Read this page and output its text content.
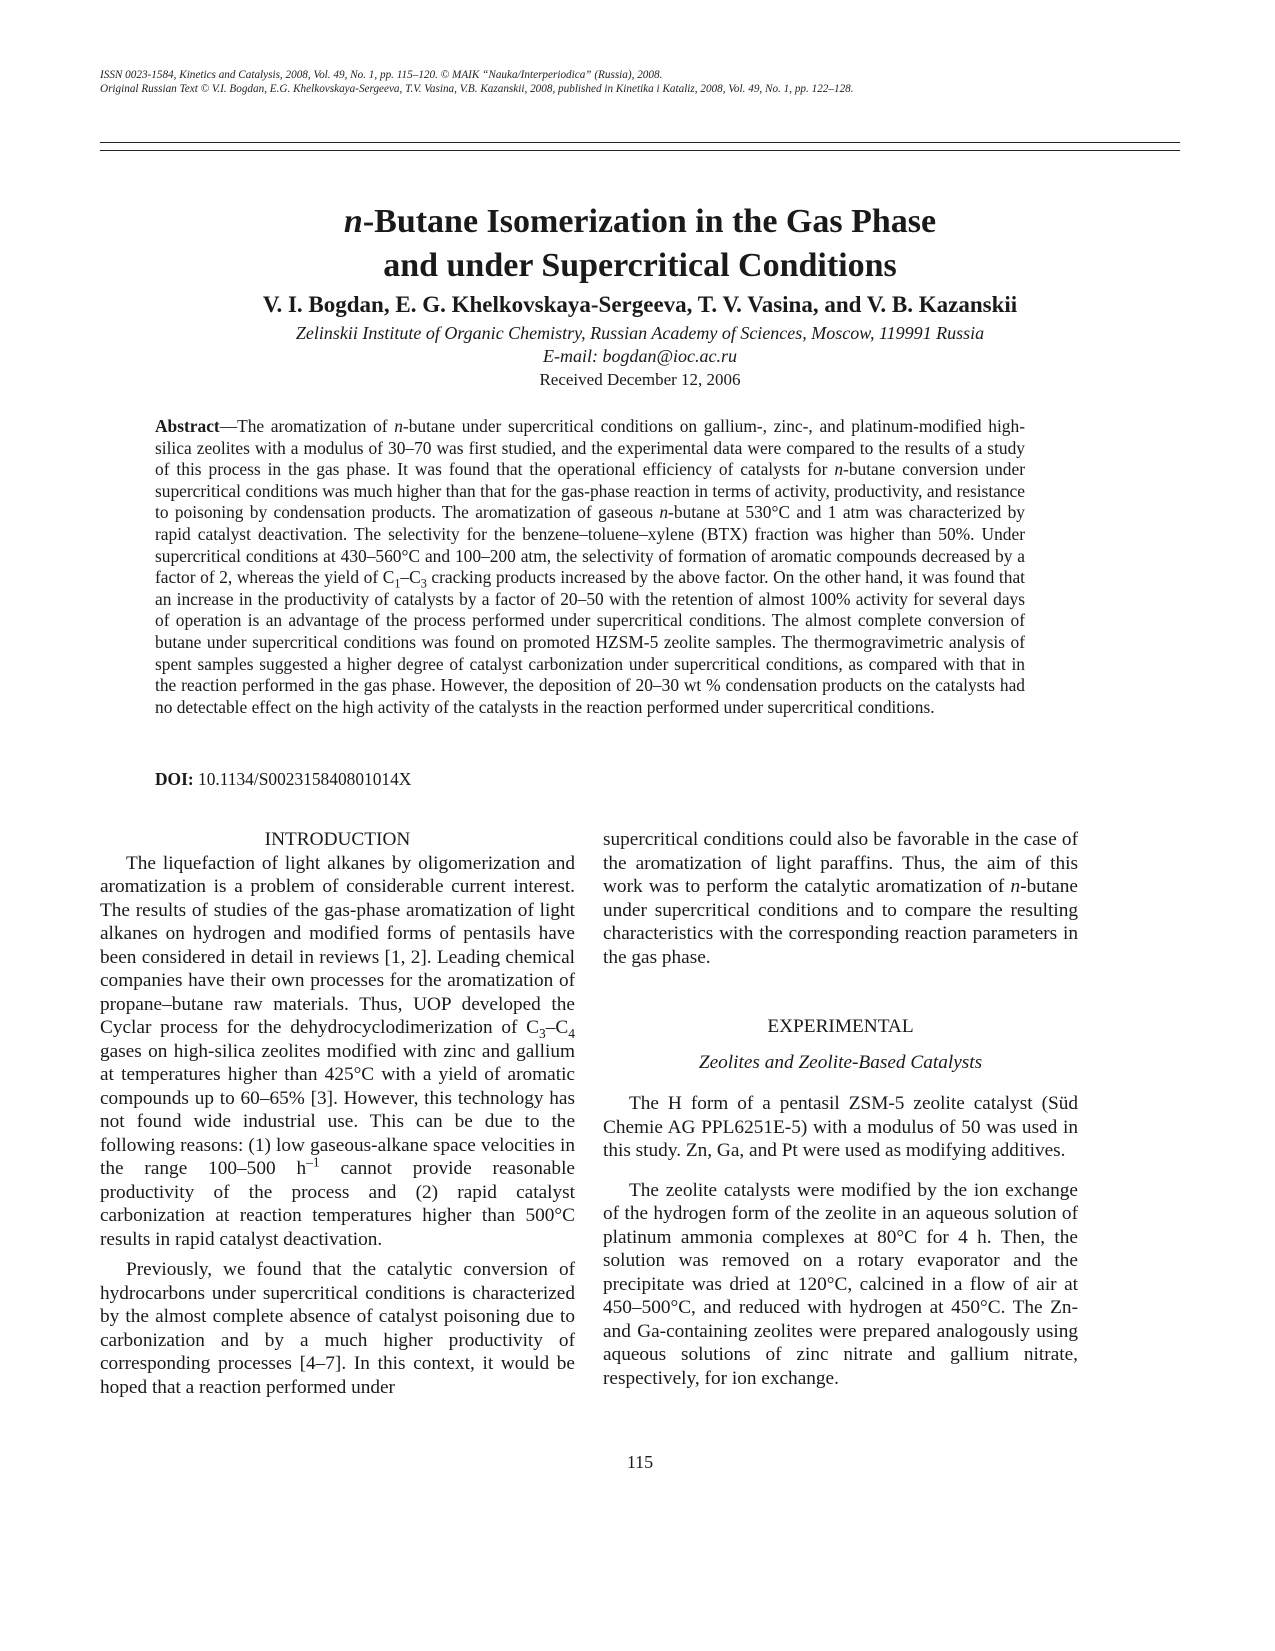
ISSN 0023-1584, Kinetics and Catalysis, 2008, Vol. 49, No. 1, pp. 115–120. © MAIK “Nauka/Interperiodica” (Russia), 2008.
Original Russian Text © V.I. Bogdan, E.G. Khelkovskaya-Sergeeva, T.V. Vasina, V.B. Kazanskii, 2008, published in Kinetika i Kataliz, 2008, Vol. 49, No. 1, pp. 122–128.
n-Butane Isomerization in the Gas Phase
and under Supercritical Conditions
V. I. Bogdan, E. G. Khelkovskaya-Sergeeva, T. V. Vasina, and V. B. Kazanskii
Zelinskii Institute of Organic Chemistry, Russian Academy of Sciences, Moscow, 119991 Russia
E-mail: bogdan@ioc.ac.ru
Received December 12, 2006

Abstract—The aromatization of n-butane under supercritical conditions on gallium-, zinc-, and platinum-modified high-silica zeolites with a modulus of 30–70 was first studied, and the experimental data were compared to the results of a study of this process in the gas phase. It was found that the operational efficiency of catalysts for n-butane conversion under supercritical conditions was much higher than that for the gas-phase reaction in terms of activity, productivity, and resistance to poisoning by condensation products. The aromatization of gaseous n-butane at 530°C and 1 atm was characterized by rapid catalyst deactivation. The selectivity for the benzene–toluene–xylene (BTX) fraction was higher than 50%. Under supercritical conditions at 430–560°C and 100–200 atm, the selectivity of formation of aromatic compounds decreased by a factor of 2, whereas the yield of $C_1-C_3$ cracking products increased by the above factor. On the other hand, it was found that an increase in the productivity of catalysts by a factor of 20–50 with the retention of almost 100% activity for several days of operation is an advantage of the process performed under supercritical conditions. The almost complete conversion of butane under supercritical conditions was found on promoted HZSM-5 zeolite samples. The thermogravimetric analysis of spent samples suggested a higher degree of catalyst carbonization under supercritical conditions, as compared with that in the reaction performed in the gas phase. However, the deposition of 20–30 wt % condensation products on the catalysts had no detectable effect on the high activity of the catalysts in the reaction performed under supercritical conditions.

DOI: 10.1134/S002315840801014X
INTRODUCTION

The liquefaction of light alkanes by oligomerization and aromatization is a problem of considerable current interest. The results of studies of the gas-phase aromatization of light alkanes on hydrogen and modified forms of pentasils have been considered in detail in reviews [1, 2]. Leading chemical companies have their own processes for the aromatization of propane–butane raw materials. Thus, UOP developed the Cyclar process for the dehydrocyclodimerization of $C_3-C_4$ gases on high-silica zeolites modified with zinc and gallium at temperatures higher than 425°C with a yield of aromatic compounds up to 60–65% [3]. However, this technology has not found wide industrial use. This can be due to the following reasons: (1) low gaseous-alkane space velocities in the range 100–500 $h^{-1}$ cannot provide reasonable productivity of the process and (2) rapid catalyst carbonization at reaction temperatures higher than 500°C results in rapid catalyst deactivation.

Previously, we found that the catalytic conversion of hydrocarbons under supercritical conditions is characterized by the almost complete absence of catalyst poisoning due to carbonization and by a much higher productivity of corresponding processes [4–7]. In this context, it would be hoped that a reaction performed under

supercritical conditions could also be favorable in the case of the aromatization of light paraffins. Thus, the aim of this work was to perform the catalytic aromatization of n-butane under supercritical conditions and to compare the resulting characteristics with the corresponding reaction parameters in the gas phase.

EXPERIMENTAL
Zeolites and Zeolite-Based Catalysts

The H form of a pentasil ZSM-5 zeolite catalyst (Süd Chemie AG PPL6251E-5) with a modulus of 50 was used in this study. Zn, Ga, and Pt were used as modifying additives.

The zeolite catalysts were modified by the ion exchange of the hydrogen form of the zeolite in an aqueous solution of platinum ammonia complexes at 80°C for 4 h. Then, the solution was removed on a rotary evaporator and the precipitate was dried at 120°C, calcined in a flow of air at 450–500°C, and reduced with hydrogen at 450°C. The Zn- and Ga-containing zeolites were prepared analogously using aqueous solutions of zinc nitrate and gallium nitrate, respectively, for ion exchange.

115
